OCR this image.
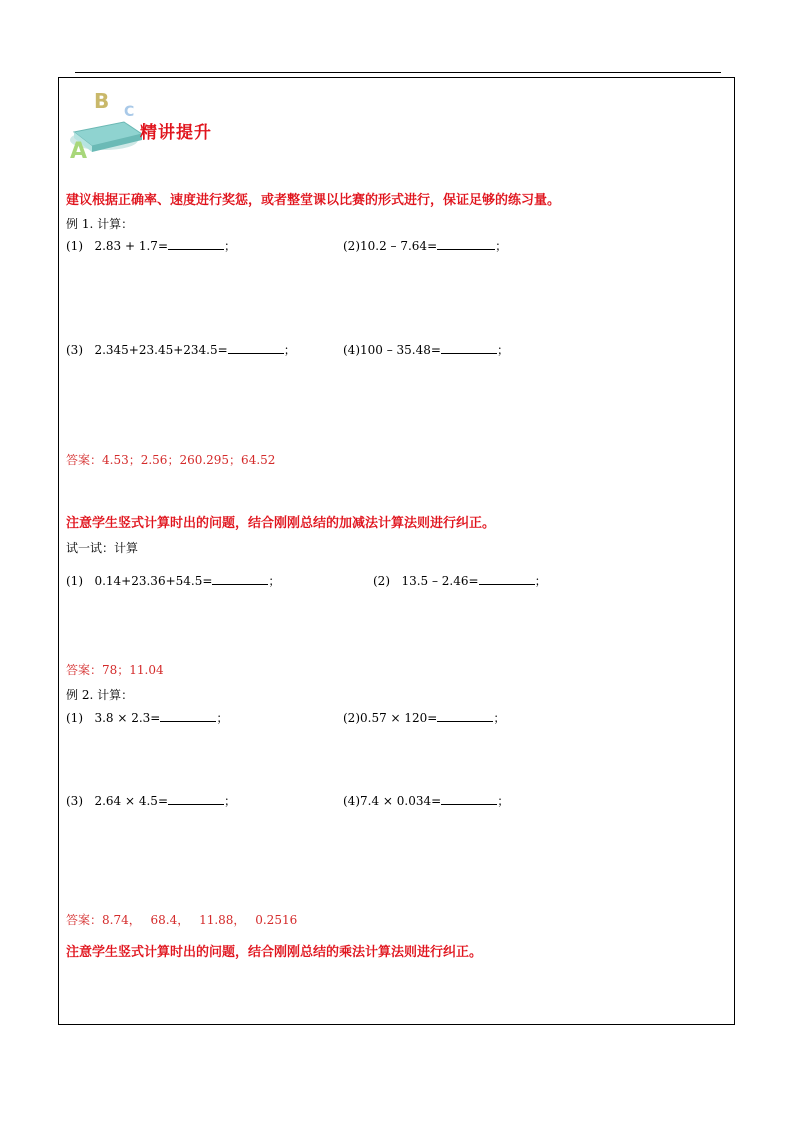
B C
A
精讲提升
建议根据正确率、速度进行奖惩，或者整堂课以比赛的形式进行，保证足够的练习量。
例 1. 计算：
(1) 2.83 + 1.7=	；	(2)10.2 – 7.64=	；
(3) 2.345+23.45+234.5=	；	(4)100 – 35.48=	；
答案：4.53；2.56；260.295；64.52
注意学生竖式计算时出的问题，结合刚刚总结的加减法计算法则进行纠正。
试一试：计算
(1) 0.14+23.36+54.5=	；	(2) 13.5 – 2.46=	；
答案：78；11.04
例 2. 计算：
(1) 3.8 × 2.3=	；	(2)0.57 × 120=	；
(3) 2.64 × 4.5=	；	(4)7.4 × 0.034=	；
答案：8.74，　 68.4，　 11.88，　 0.2516
注意学生竖式计算时出的问题，结合刚刚总结的乘法计算法则进行纠正。
